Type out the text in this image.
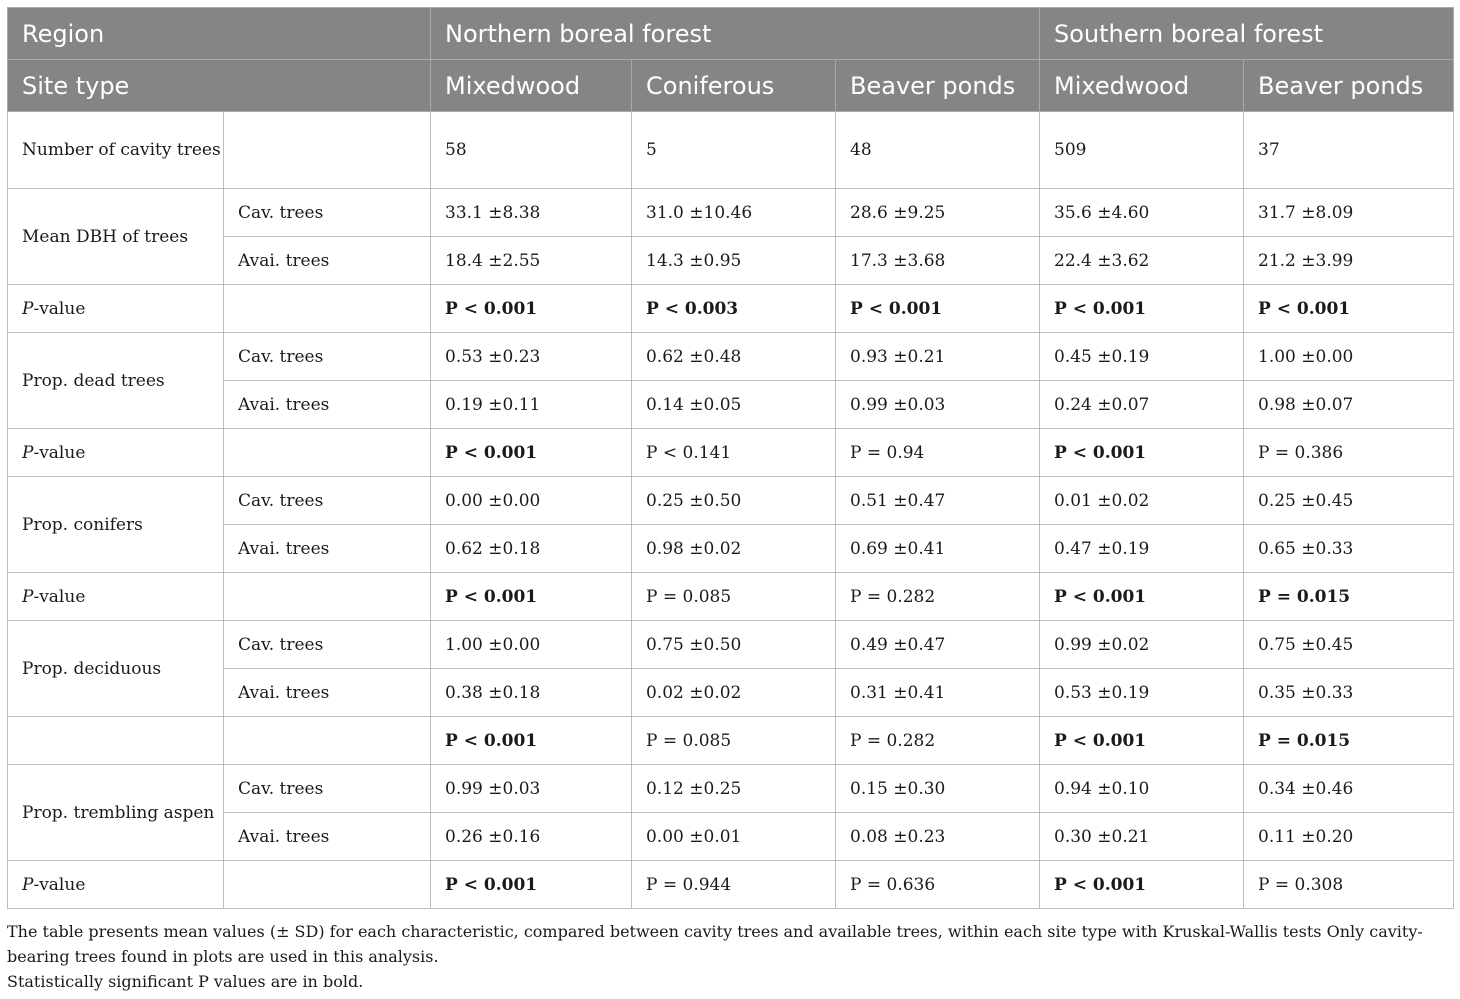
Region		Northern boreal forest			Southern boreal forest	
Site type		Mixedwood	Coniferous	Beaver ponds	Mixedwood	Beaver ponds
Number of cavity trees		58	5	48	509	37
Mean DBH of trees	Cav. trees	33.1 ±8.38	31.0 ±10.46	28.6 ±9.25	35.6 ±4.60	31.7 ±8.09
	Avai. trees	18.4 ±2.55	14.3 ±0.95	17.3 ±3.68	22.4 ±3.62	21.2 ±3.99
P-value		P < 0.001	P < 0.003	P < 0.001	P < 0.001	P < 0.001
Prop. dead trees	Cav. trees	0.53 ±0.23	0.62 ±0.48	0.93 ±0.21	0.45 ±0.19	1.00 ±0.00
	Avai. trees	0.19 ±0.11	0.14 ±0.05	0.99 ±0.03	0.24 ±0.07	0.98 ±0.07
P-value		P < 0.001	P < 0.141	P = 0.94	P < 0.001	P = 0.386
Prop. conifers	Cav. trees	0.00 ±0.00	0.25 ±0.50	0.51 ±0.47	0.01 ±0.02	0.25 ±0.45
	Avai. trees	0.62 ±0.18	0.98 ±0.02	0.69 ±0.41	0.47 ±0.19	0.65 ±0.33
P-value		P < 0.001	P = 0.085	P = 0.282	P < 0.001	P = 0.015
Prop. deciduous	Cav. trees	1.00 ±0.00	0.75 ±0.50	0.49 ±0.47	0.99 ±0.02	0.75 ±0.45
	Avai. trees	0.38 ±0.18	0.02 ±0.02	0.31 ±0.41	0.53 ±0.19	0.35 ±0.33
		P < 0.001	P = 0.085	P = 0.282	P < 0.001	P = 0.015
Prop. trembling aspen	Cav. trees	0.99 ±0.03	0.12 ±0.25	0.15 ±0.30	0.94 ±0.10	0.34 ±0.46
	Avai. trees	0.26 ±0.16	0.00 ±0.01	0.08 ±0.23	0.30 ±0.21	0.11 ±0.20
P-value		P < 0.001	P = 0.944	P = 0.636	P < 0.001	P = 0.308

The table presents mean values (± SD) for each characteristic, compared between cavity trees and available trees, within each site type with Kruskal-Wallis tests Only cavity-bearing trees found in plots are used in this analysis.

Statistically significant P values are in bold.
